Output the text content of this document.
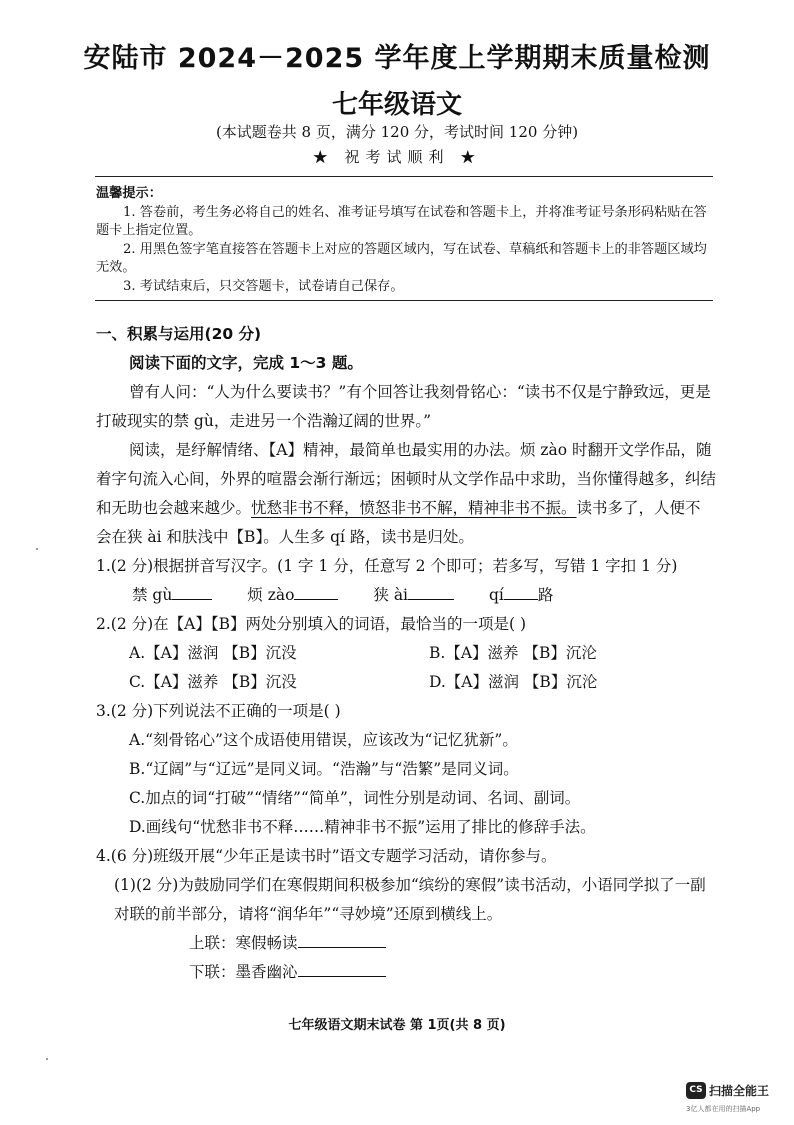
安陆市 2024－2025 学年度上学期期末质量检测
七年级语文
(本试题卷共 8 页，满分 120 分，考试时间 120 分钟)
★ 祝考试顺利 ★
温馨提示：
1. 答卷前，考生务必将自己的姓名、准考证号填写在试卷和答题卡上，并将准考证号条形码粘贴在答题卡上指定位置。
2. 用黑色签字笔直接答在答题卡上对应的答题区域内，写在试卷、草稿纸和答题卡上的非答题区域均无效。
3. 考试结束后，只交答题卡，试卷请自己保存。

一、积累与运用(20 分)

阅读下面的文字，完成 1～3 题。

曾有人问：“人为什么要读书？”有个回答让我刻骨铭心：“读书不仅是宁静致远，更是打破现实的禁 gù，走进另一个浩瀚辽阔的世界。”

阅读，是纾解情绪、【A】精神，最简单也最实用的办法。烦 zào 时翻开文学作品，随着字句流入心间，外界的喧嚣会渐行渐远；困顿时从文学作品中求助，当你懂得越多，纠结和无助也会越来越少。忧愁非书不释，愤怒非书不解，精神非书不振。读书多了，人便不会在狭 ài 和肤浅中【B】。人生多 qí 路，读书是归处。

1.(2 分)根据拼音写汉字。(1 字 1 分，任意写 2 个即可；若多写，写错 1 字扣 1 分)

禁 gù	烦 zào	狭 ài	qí 路

2.(2 分)在【A】【B】两处分别填入的词语，最恰当的一项是( )

A.【A】滋润 【B】沉没	B.【A】滋养 【B】沉沦

C.【A】滋养 【B】沉没	D.【A】滋润 【B】沉沦

3.(2 分)下列说法不正确的一项是( )

A.“刻骨铭心”这个成语使用错误，应该改为“记忆犹新”。

B.“辽阔”与“辽远”是同义词。“浩瀚”与“浩繁”是同义词。

C.加点的词“打破”“情绪”“简单”，词性分别是动词、名词、副词。

D.画线句“忧愁非书不释……精神非书不振”运用了排比的修辞手法。

4.(6 分)班级开展“少年正是读书时”语文专题学习活动，请你参与。

(1)(2 分)为鼓励同学们在寒假期间积极参加“缤纷的寒假”读书活动，小语同学拟了一副对联的前半部分，请将“润华年”“寻妙境”还原到横线上。

上联：寒假畅读

下联：墨香幽沁

七年级语文期末试卷 第 1页(共 8 页)
CS 扫描全能王
3亿人都在用的扫描App
